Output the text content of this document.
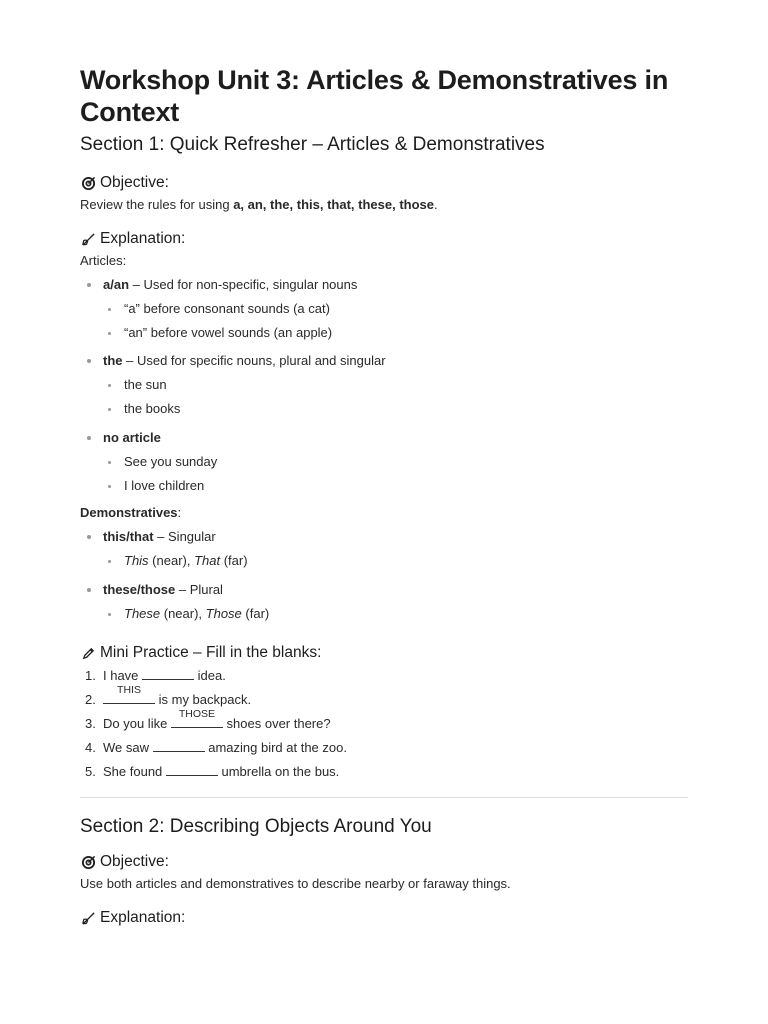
Workshop Unit 3: Articles & Demonstratives in Context
Section 1: Quick Refresher – Articles & Demonstratives
Objective:

Review the rules for using a, an, the, this, that, these, those.

Explanation:

Articles:

a/an – Used for non-specific, singular nouns
“a” before consonant sounds (a cat)
“an” before vowel sounds (an apple)
the – Used for specific nouns, plural and singular
the sun
the books
no article
See you sunday
I love children

Demonstratives:

this/that – Singular
This (near), That (far)
these/those – Plural
These (near), Those (far)
Mini Practice – Fill in the blanks:
1. I have	idea.
2.
THIS
is my backpack.
3. Do you like
THOSE
shoes over there?
4. We saw	amazing bird at the zoo.
5. She found	umbrella on the bus.
Section 2: Describing Objects Around You
Objective:

Use both articles and demonstratives to describe nearby or faraway things.

Explanation:
